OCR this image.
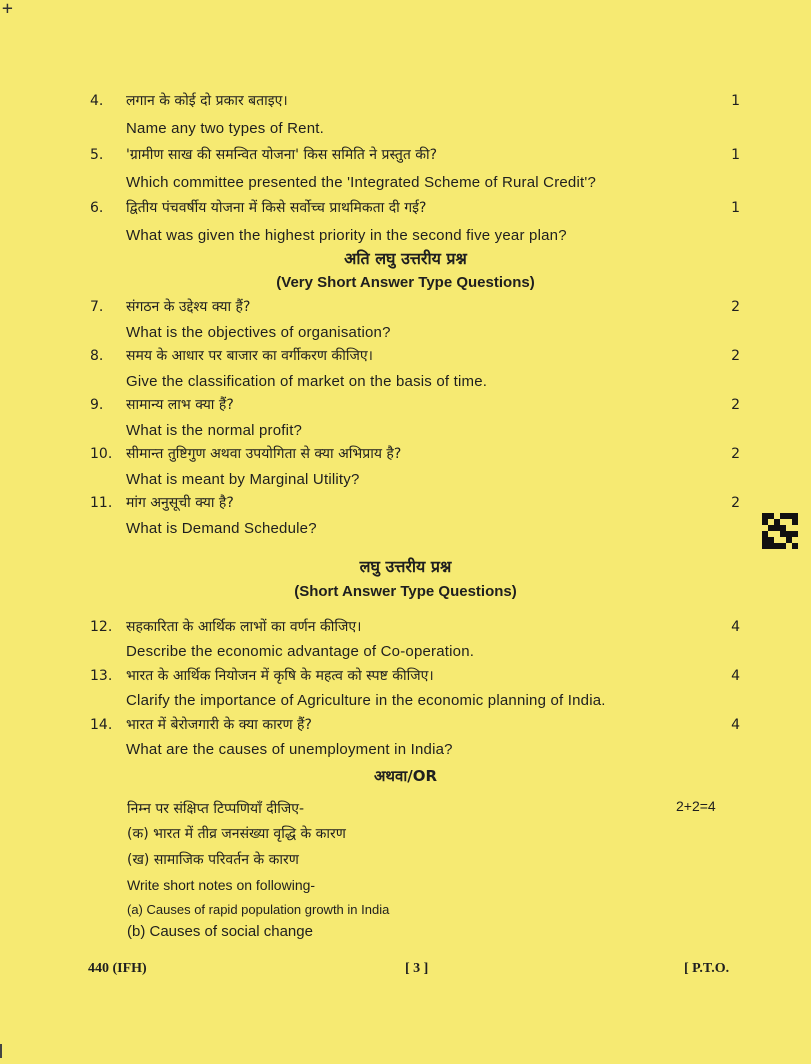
+
4.	लगान के कोई दो प्रकार बताइए।	1
Name any two types of Rent.
5.	'ग्रामीण साख की समन्वित योजना' किस समिति ने प्रस्तुत की?	1
Which committee presented the 'Integrated Scheme of Rural Credit'?
6.	द्वितीय पंचवर्षीय योजना में किसे सर्वोच्च प्राथमिकता दी गई?	1
What was given the highest priority in the second five year plan?
अति लघु उत्तरीय प्रश्न
(Very Short Answer Type Questions)
7.	संगठन के उद्देश्य क्या हैं?	2
What is the objectives of organisation?
8.	समय के आधार पर बाजार का वर्गीकरण कीजिए।	2
Give the classification of market on the basis of time.
9.	सामान्य लाभ क्या हैं?	2
What is the normal profit?
10. सीमान्त तुष्टिगुण अथवा उपयोगिता से क्या अभिप्राय है?	2
What is meant by Marginal Utility?
11. मांग अनुसूची क्या है?	2
What is Demand Schedule?
लघु उत्तरीय प्रश्न
(Short Answer Type Questions)
12. सहकारिता के आर्थिक लाभों का वर्णन कीजिए।	4
Describe the economic advantage of Co-operation.
13. भारत के आर्थिक नियोजन में कृषि के महत्व को स्पष्ट कीजिए।	4
Clarify the importance of Agriculture in the economic planning of India.
14. भारत में बेरोजगारी के क्या कारण हैं?	4
What are the causes of unemployment in India?
अथवा/OR
निम्न पर संक्षिप्त टिप्पणियाँ दीजिए-	2+2=4
(क) भारत में तीव्र जनसंख्या वृद्धि के कारण
(ख) सामाजिक परिवर्तन के कारण
Write short notes on following-
(a) Causes of rapid population growth in India
(b) Causes of social change
440 (IFH)	[ 3 ]	[ P.T.O.
